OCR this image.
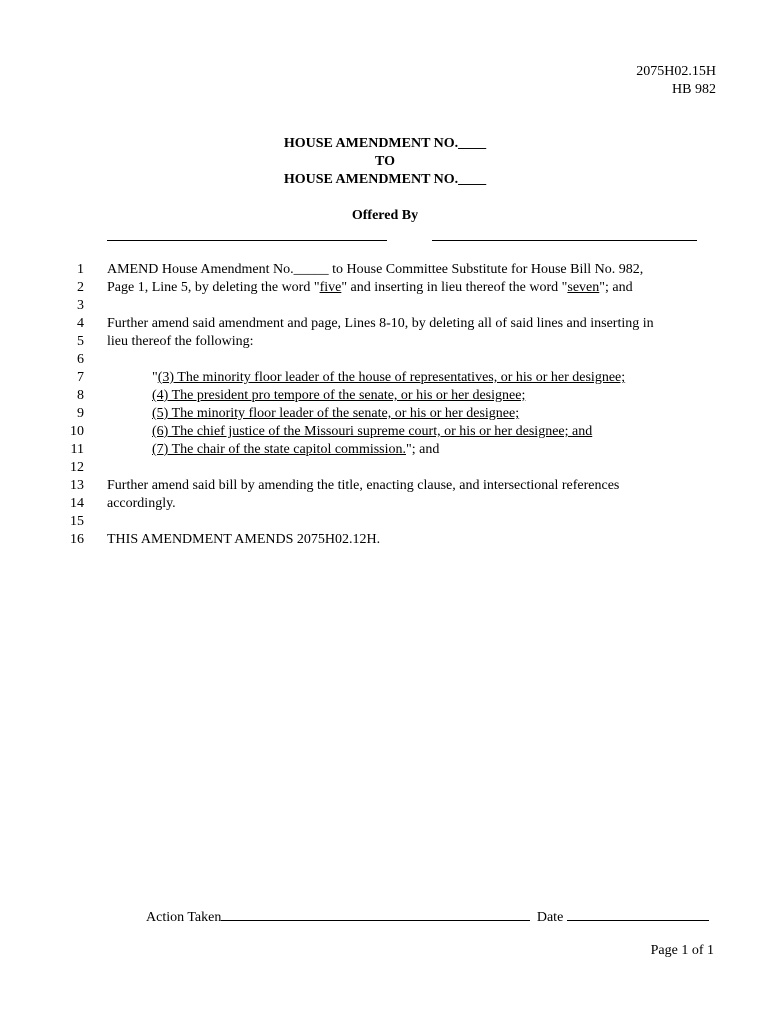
2075H02.15H
HB 982
HOUSE AMENDMENT NO.____
TO
HOUSE AMENDMENT NO.____
Offered By
1 AMEND House Amendment No._____ to House Committee Substitute for House Bill No. 982,
2 Page 1, Line 5, by deleting the word "five" and inserting in lieu thereof the word "seven"; and
3
4 Further amend said amendment and page, Lines 8-10, by deleting all of said lines and inserting in
5 lieu thereof the following:
6
7	"(3) The minority floor leader of the house of representatives, or his or her designee;
8	(4) The president pro tempore of the senate, or his or her designee;
9	(5) The minority floor leader of the senate, or his or her designee;
10	(6) The chief justice of the Missouri supreme court, or his or her designee; and
11	(7) The chair of the state capitol commission."; and
12
13 Further amend said bill by amending the title, enacting clause, and intersectional references
14 accordingly.
15
16 THIS AMENDMENT AMENDS 2075H02.12H.
Action Taken	Date
Page 1 of 1
